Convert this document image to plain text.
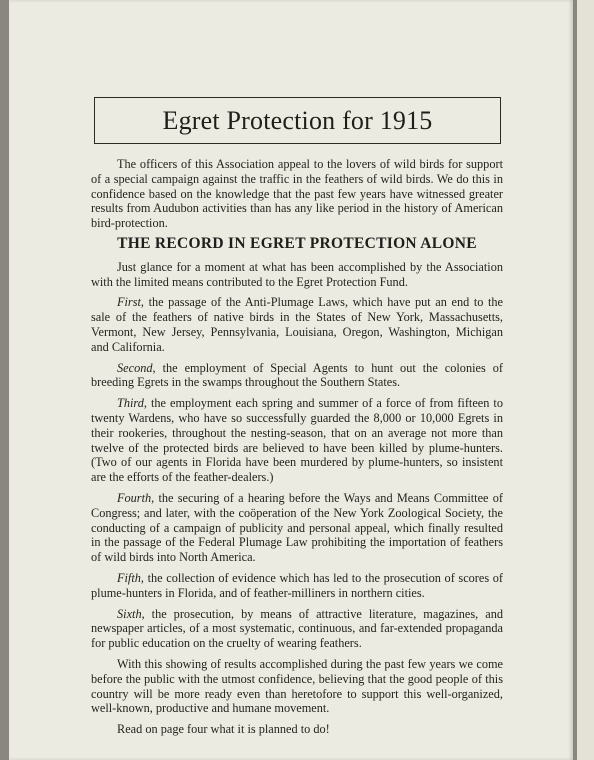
Egret Protection for 1915

The officers of this Association appeal to the lovers of wild birds for support of a special campaign against the traffic in the feathers of wild birds. We do this in confidence based on the knowledge that the past few years have witnessed greater results from Audubon activities than has any like period in the history of American bird-protection.

THE RECORD IN EGRET PROTECTION ALONE

Just glance for a moment at what has been accomplished by the Association with the limited means contributed to the Egret Protection Fund.

First, the passage of the Anti-Plumage Laws, which have put an end to the sale of the feathers of native birds in the States of New York, Massachusetts, Vermont, New Jersey, Pennsylvania, Louisiana, Oregon, Washington, Michigan and California.

Second, the employment of Special Agents to hunt out the colonies of breeding Egrets in the swamps throughout the Southern States.

Third, the employment each spring and summer of a force of from fifteen to twenty Wardens, who have so successfully guarded the 8,000 or 10,000 Egrets in their rookeries, throughout the nesting-season, that on an average not more than twelve of the protected birds are believed to have been killed by plume-hunters. (Two of our agents in Florida have been murdered by plume-hunters, so insistent are the efforts of the feather-dealers.)

Fourth, the securing of a hearing before the Ways and Means Committee of Congress; and later, with the coöperation of the New York Zoological Society, the conducting of a campaign of publicity and personal appeal, which finally resulted in the passage of the Federal Plumage Law prohibiting the importation of feathers of wild birds into North America.

Fifth, the collection of evidence which has led to the prosecution of scores of plume-hunters in Florida, and of feather-milliners in northern cities.

Sixth, the prosecution, by means of attractive literature, magazines, and newspaper articles, of a most systematic, continuous, and far-extended propaganda for public education on the cruelty of wearing feathers.

With this showing of results accomplished during the past few years we come before the public with the utmost confidence, believing that the good people of this country will be more ready even than heretofore to support this well-organized, well-known, productive and humane movement.

Read on page four what it is planned to do!
